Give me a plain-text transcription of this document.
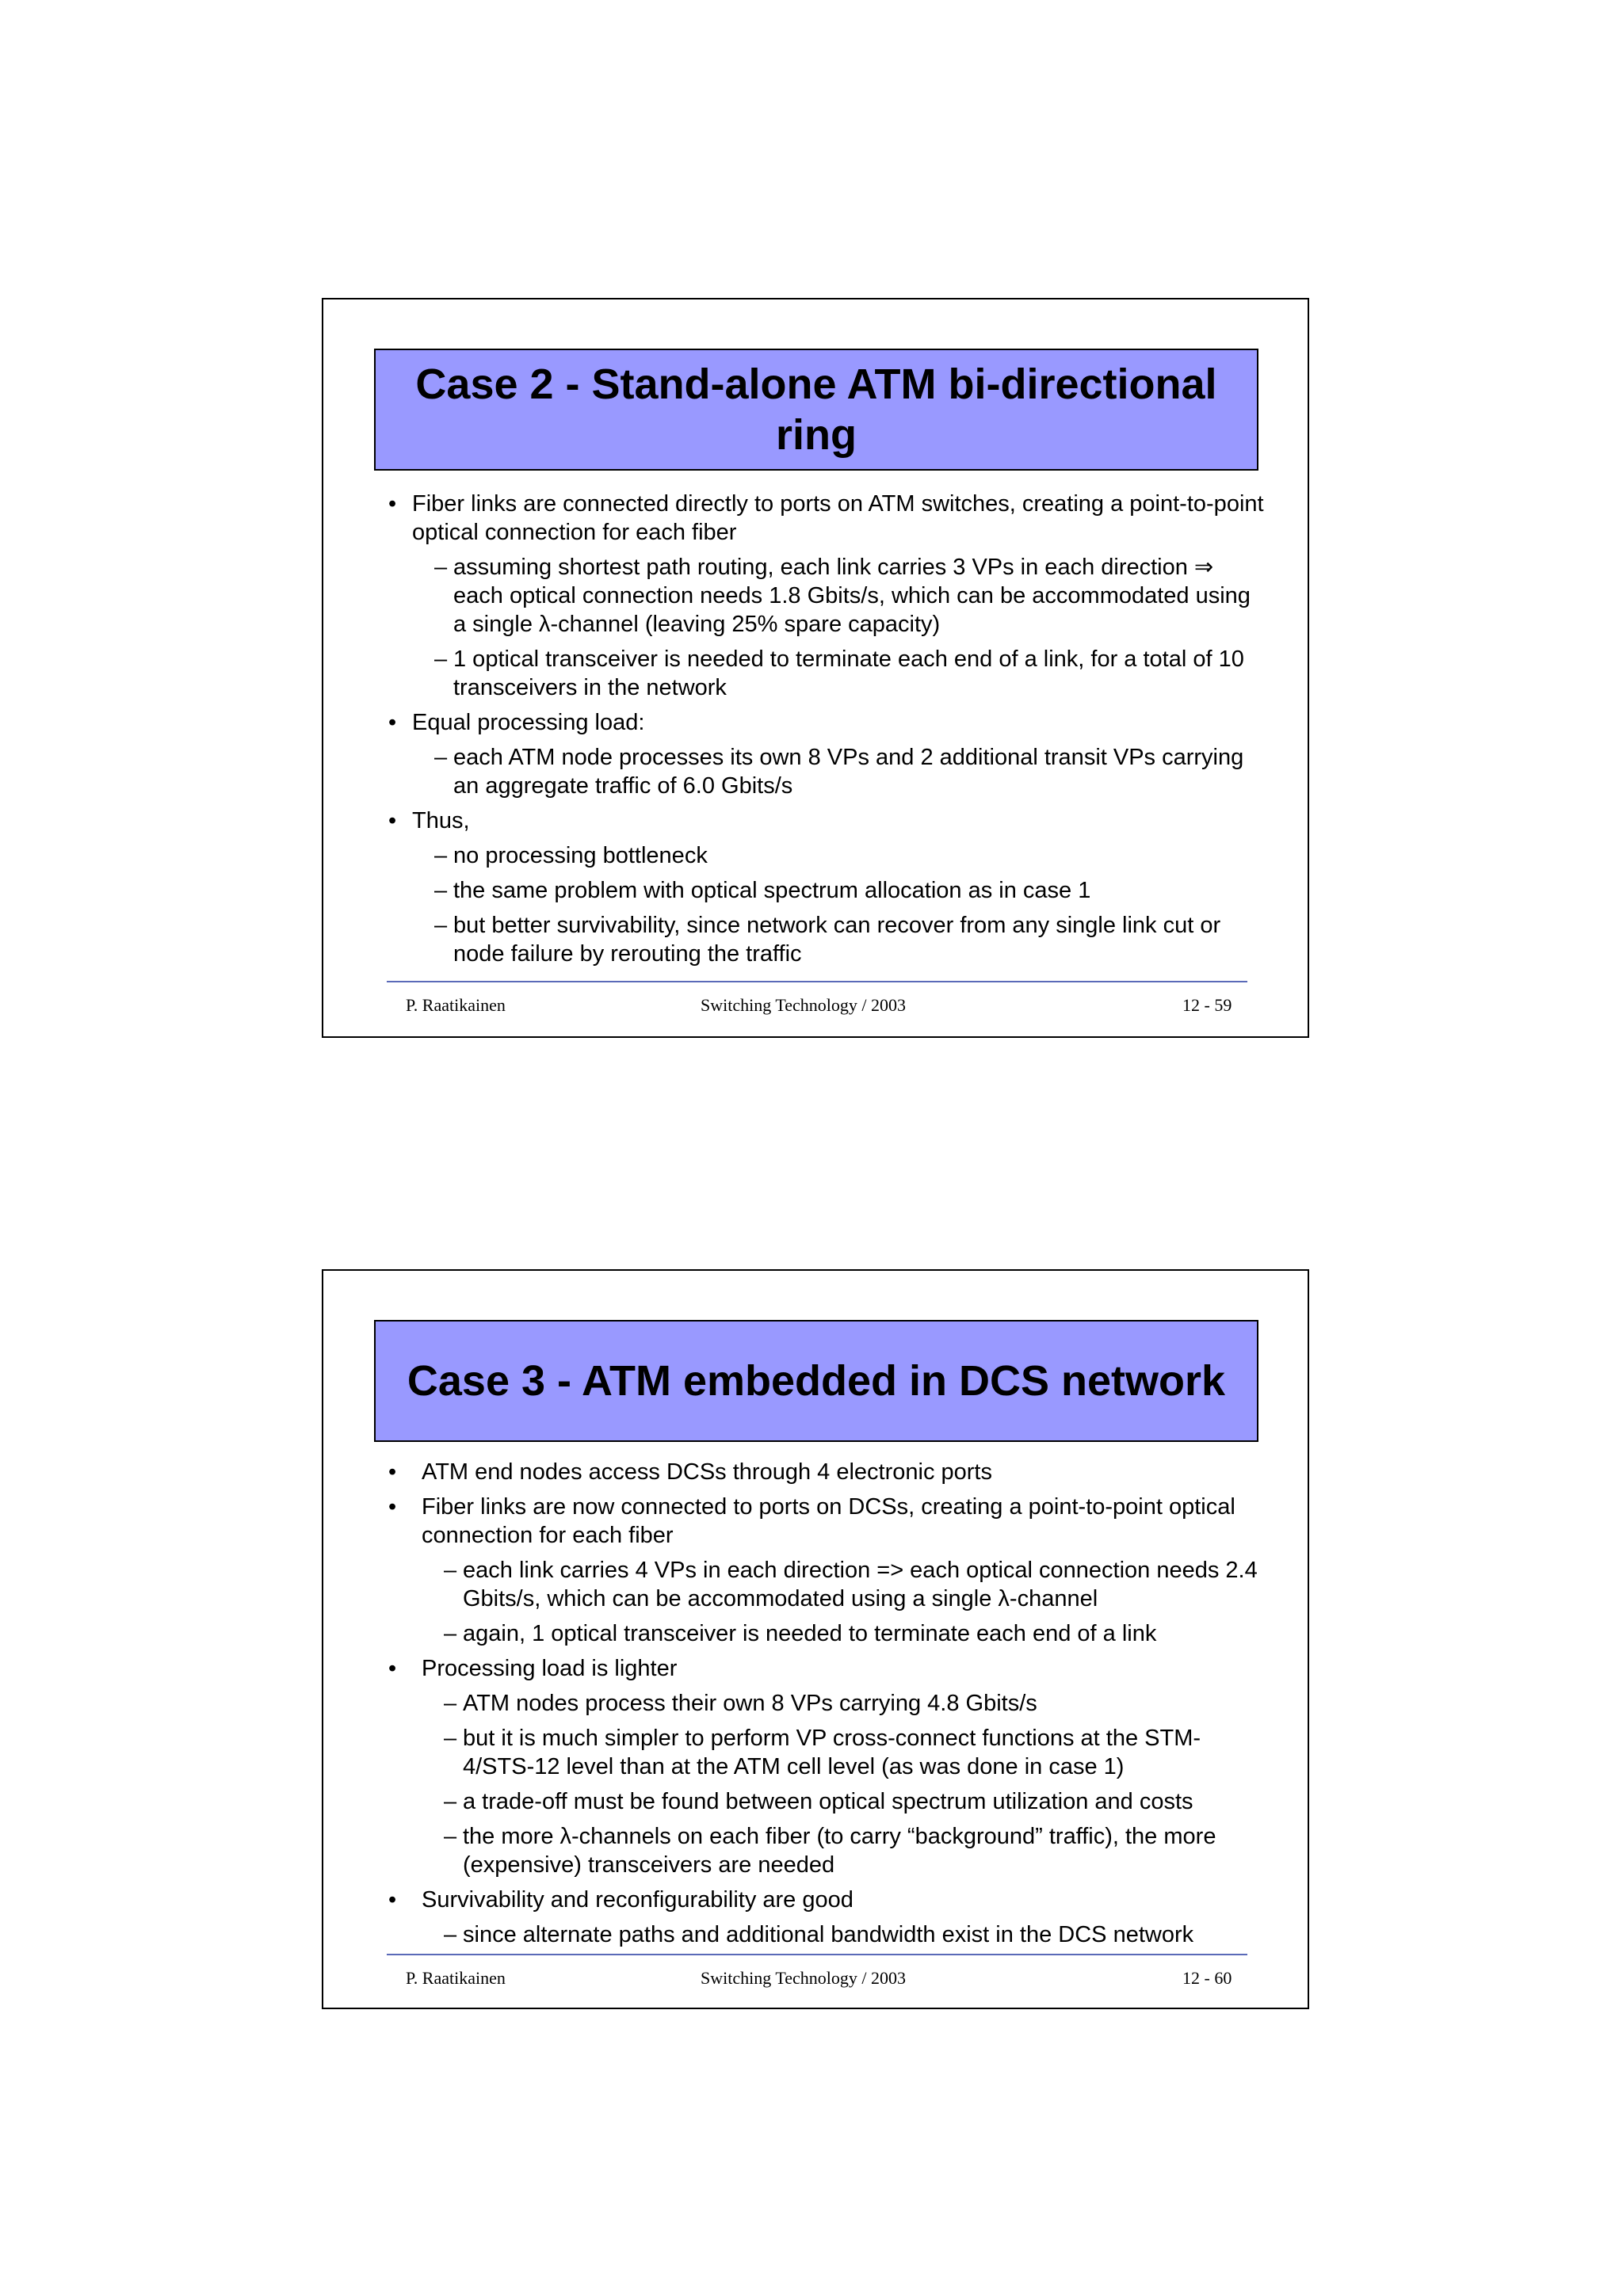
Case 2 - Stand-alone ATM bi-directional ring
• Fiber links are connected directly to ports on ATM switches, creating a point-to-point optical connection for each fiber
– assuming shortest path routing, each link carries 3 VPs in each direction ⇒ each optical connection needs 1.8 Gbits/s, which can be accommodated using a single λ-channel (leaving 25% spare capacity)
– 1 optical transceiver is needed to terminate each end of a link, for a total of 10 transceivers in the network
• Equal processing load:
– each ATM node processes its own 8 VPs and 2 additional transit VPs carrying an aggregate traffic of 6.0 Gbits/s
• Thus,
– no processing bottleneck
– the same problem with optical spectrum allocation as in case 1
– but better survivability, since network can recover from any single link cut or node failure by rerouting the traffic
P. Raatikainen	Switching Technology / 2003	12 - 59
Case 3 - ATM embedded in DCS network
• ATM end nodes access DCSs through 4 electronic ports
• Fiber links are now connected to ports on DCSs, creating a point-to-point optical connection for each fiber
– each link carries 4 VPs in each direction => each optical connection needs 2.4 Gbits/s, which can be accommodated using a single λ-channel
– again, 1 optical transceiver is needed to terminate each end of a link
• Processing load is lighter
– ATM nodes process their own 8 VPs carrying 4.8 Gbits/s
– but it is much simpler to perform VP cross-connect functions at the STM-4/STS-12 level than at the ATM cell level (as was done in case 1)
– a trade-off must be found between optical spectrum utilization and costs
– the more λ-channels on each fiber (to carry “background” traffic), the more (expensive) transceivers are needed
• Survivability and reconfigurability are good
– since alternate paths and additional bandwidth exist in the DCS network
P. Raatikainen	Switching Technology / 2003	12 - 60
